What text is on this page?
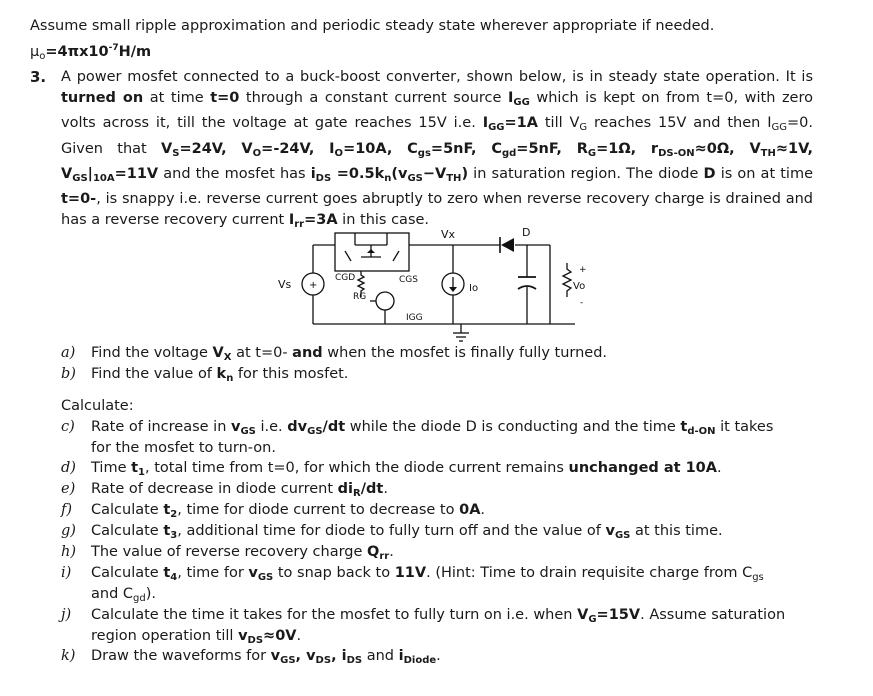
Assume small ripple approximation and periodic steady state wherever appropriate if needed.
$\mu_o=4\pi x10^{-7}H/m$
3. A power mosfet connected to a buck-boost converter, shown below, is in steady state operation. It is turned on at time t=0 through a constant current source $I_{GG}$ which is kept on from t=0, with zero volts across it, till the voltage at gate reaches 15V i.e. $I_{GG}=1A$ till $V_G$ reaches 15V and then $I_{GG}=0$. Given that $V_S=24V$, $V_O=-24V$, $I_O=10A$, $C_{gs}=5nF$, $C_{gd}=5nF$, $R_G=1\Omega$, $r_{DS-ON}\approx 0\Omega$, $V_{TH}\approx 1V$, $V_{GS}|_{10A}=11V$ and the mosfet has $i_{DS} =0.5k_n(v_{GS}-V_{TH})$ in saturation region. The diode D is on at time t=0-, is snappy i.e. reverse current goes abruptly to zero when reverse recovery charge is drained and has a reverse recovery current $I_{rr}=3A$ in this case.
+
Vx	D
Vs	CGD	CGS
RG
IGG
Io	Vo
+
-
a) Find the voltage $V_X$ at t=0- and when the mosfet is finally fully turned.
b) Find the value of $k_n$ for this mosfet.
Calculate:
c) Rate of increase in $v_{GS}$ i.e. $dv_{GS}/dt$ while the diode D is conducting and the time $t_{d-ON}$ it takes
for the mosfet to turn-on.
d) Time $t_1$, total time from t=0, for which the diode current remains unchanged at 10A.
e) Rate of decrease in diode current $di_R/dt$.
f) Calculate $t_2$, time for diode current to decrease to 0A.
g) Calculate $t_3$, additional time for diode to fully turn off and the value of $v_{GS}$ at this time.
h) The value of reverse recovery charge $Q_{rr}$.
i) Calculate $t_4$, time for $v_{GS}$ to snap back to 11V. (Hint: Time to drain requisite charge from $C_{gs}$
and $C_{gd}$).
j) Calculate the time it takes for the mosfet to fully turn on i.e. when $V_G=15V$. Assume saturation
region operation till $v_{DS}\approx 0V$.
k) Draw the waveforms for $v_{GS}$, $v_{DS}$, $i_{DS}$ and $i_{Diode}$.
